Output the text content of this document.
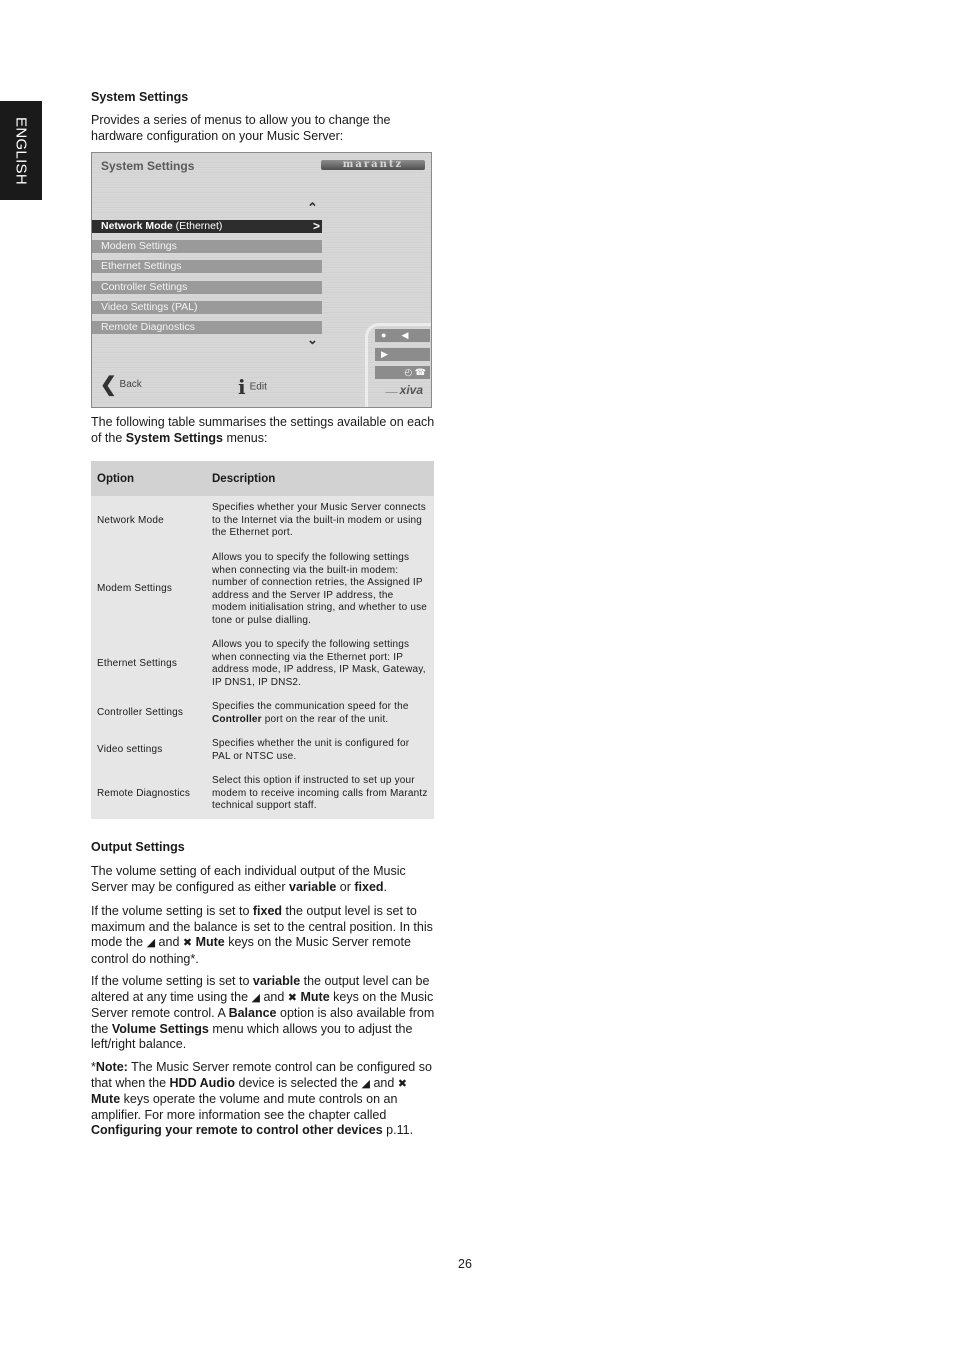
ENGLISH
System Settings
Provides a series of menus to allow you to change the hardware configuration on your Music Server:
System Settings	marantz
⌃
Network Mode (Ethernet)	>
Modem Settings
Ethernet Settings
Controller Settings
Video Settings (PAL)
Remote Diagnostics
⌄	●      ◀
▶
◴ ☎
❮ Back	i Edit
—— xiva
The following table summarises the settings available on each of the System Settings menus:
Option	Description
Network Mode	Specifies whether your Music Server connects to the Internet via the built-in modem or using the Ethernet port.
Modem Settings	Allows you to specify the following settings when connecting via the built-in modem: number of connection retries, the Assigned IP address and the Server IP address, the modem initialisation string, and whether to use tone or pulse dialling.
Ethernet Settings	Allows you to specify the following settings when connecting via the Ethernet port: IP address mode, IP address, IP Mask, Gateway, IP DNS1, IP DNS2.
Controller Settings	Specifies the communication speed for the Controller port on the rear of the unit.
Video settings	Specifies whether the unit is configured for PAL or NTSC use.
Remote Diagnostics	Select this option if instructed to set up your modem to receive incoming calls from Marantz technical support staff.
Output Settings
The volume setting of each individual output of the Music Server may be configured as either variable or fixed.
If the volume setting is set to fixed the output level is set to maximum and the balance is set to the central position. In this mode the ◢ and ✖ Mute keys on the Music Server remote control do nothing*.
If the volume setting is set to variable the output level can be altered at any time using the ◢ and ✖ Mute keys on the Music Server remote control. A Balance option is also available from the Volume Settings menu which allows you to adjust the left/right balance.
*Note: The Music Server remote control can be configured so that when the HDD Audio device is selected the ◢ and ✖ Mute keys operate the volume and mute controls on an amplifier. For more information see the chapter called Configuring your remote to control other devices p.11.
26
